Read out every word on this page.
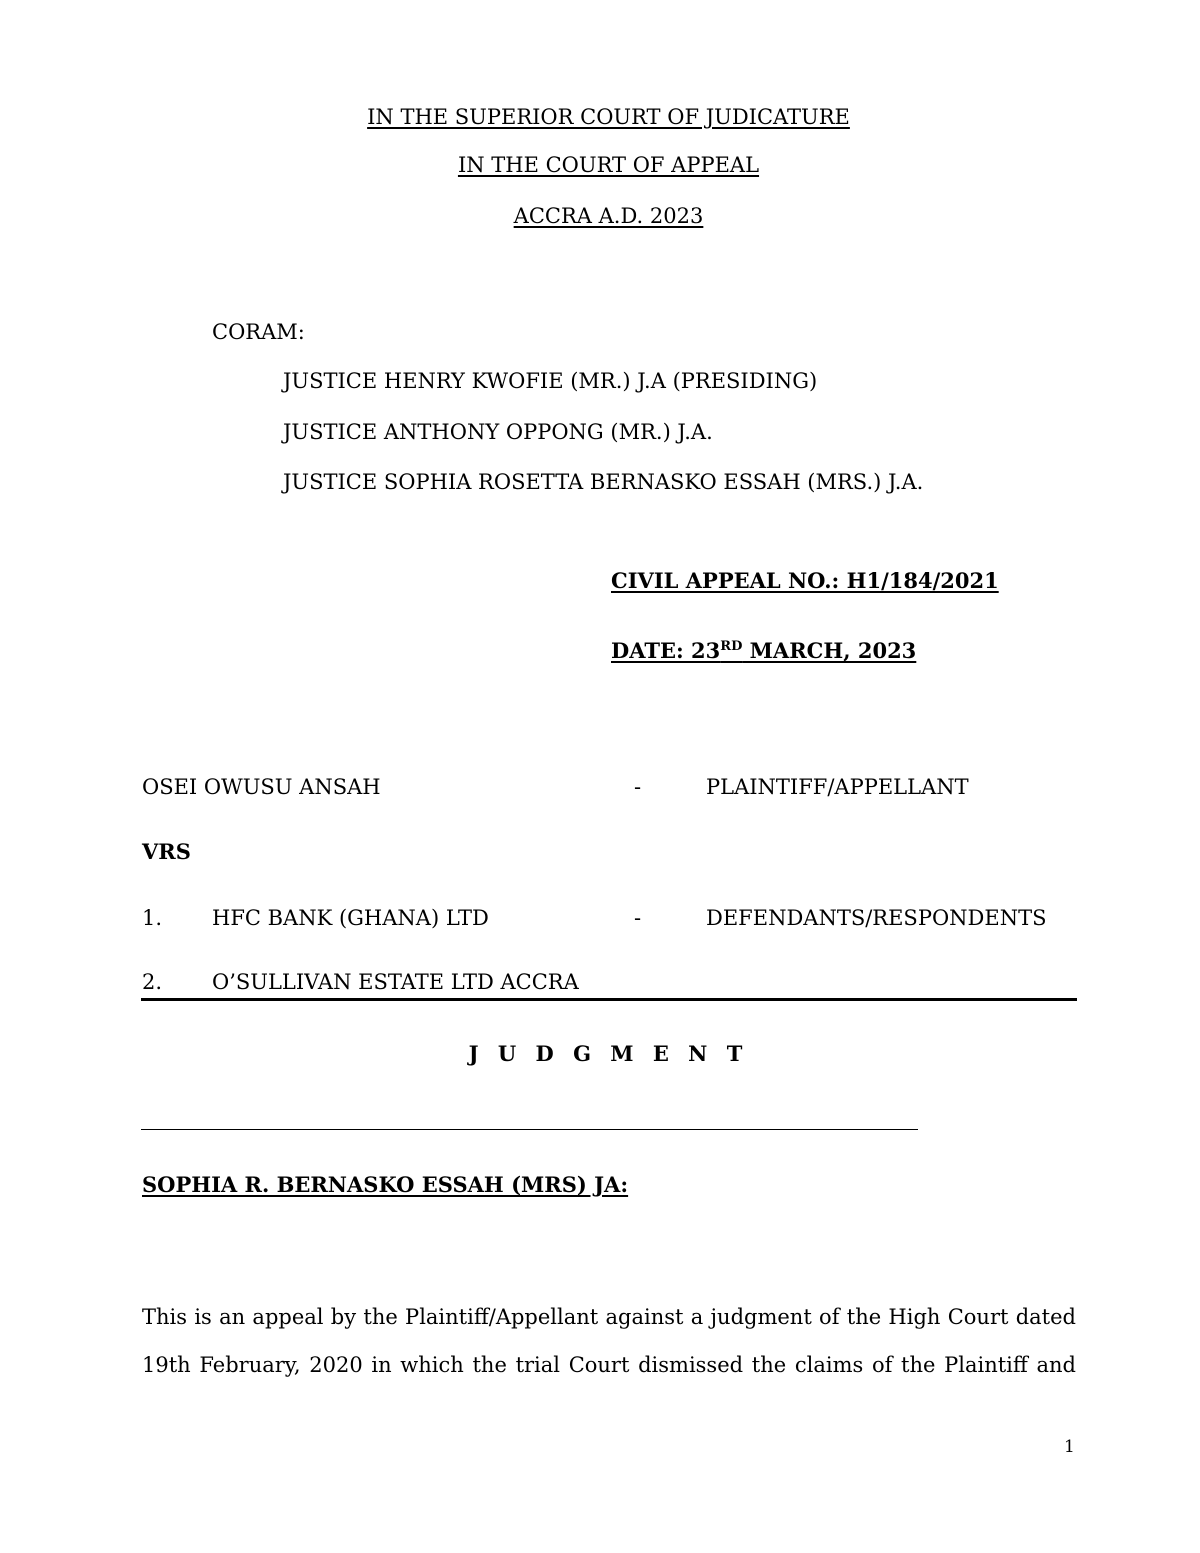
IN THE SUPERIOR COURT OF JUDICATURE
IN THE COURT OF APPEAL
ACCRA A.D. 2023
CORAM:
JUSTICE HENRY KWOFIE (MR.) J.A (PRESIDING)
JUSTICE ANTHONY OPPONG (MR.) J.A.
JUSTICE SOPHIA ROSETTA BERNASKO ESSAH (MRS.) J.A.
CIVIL APPEAL NO.: H1/184/2021
DATE: 23RD MARCH, 2023
OSEI OWUSU ANSAH	-	PLAINTIFF/APPELLANT
VRS
1. HFC BANK (GHANA) LTD	-	DEFENDANTS/RESPONDENTS
2. O’SULLIVAN ESTATE LTD ACCRA
J U D G M E N T
SOPHIA R. BERNASKO ESSAH (MRS) JA:
This is an appeal by the Plaintiff/Appellant against a judgment of the High Court dated
19th February, 2020 in which the trial Court dismissed the claims of the Plaintiff and
1
